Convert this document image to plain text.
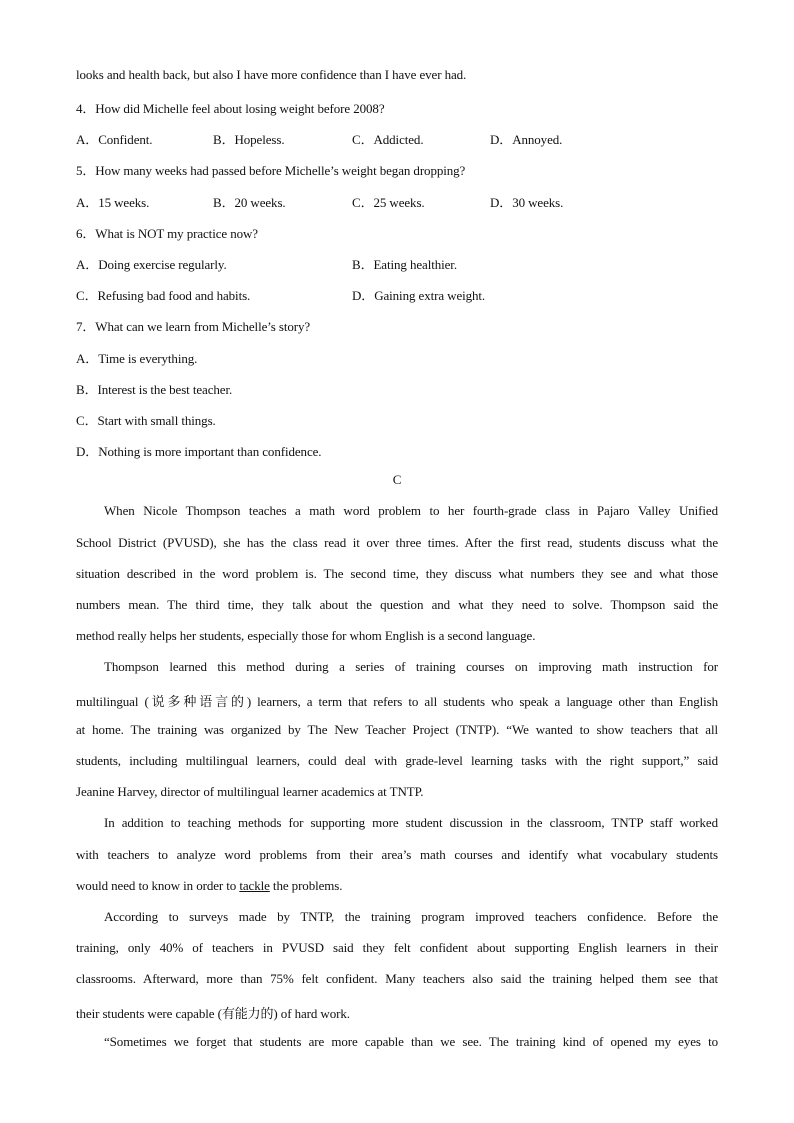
looks and health back, but also I have more confidence than I have ever had.
4．How did Michelle feel about losing weight before 2008?
A．Confident.	B．Hopeless.	C．Addicted.	D．Annoyed.
5．How many weeks had passed before Michelle’s weight began dropping?
A．15 weeks.	B．20 weeks.	C．25 weeks.	D．30 weeks.
6．What is NOT my practice now?
A．Doing exercise regularly.	B．Eating healthier.
C．Refusing bad food and habits.	D．Gaining extra weight.
7．What can we learn from Michelle’s story?
A．Time is everything.
B．Interest is the best teacher.
C．Start with small things.
D．Nothing is more important than confidence.
C
When Nicole Thompson teaches a math word problem to her fourth-grade class in Pajaro Valley Unified
School District (PVUSD), she has the class read it over three times. After the first read, students discuss what the
situation described in the word problem is. The second time, they discuss what numbers they see and what those
numbers mean. The third time, they talk about the question and what they need to solve. Thompson said the
method really helps her students, especially those for whom English is a second language.
Thompson learned this method during a series of training courses on improving math instruction for
multilingual (说多种语言的) learners, a term that refers to all students who speak a language other than English
at home. The training was organized by The New Teacher Project (TNTP). “We wanted to show teachers that all
students, including multilingual learners, could deal with grade-level learning tasks with the right support,” said
Jeanine Harvey, director of multilingual learner academics at TNTP.
In addition to teaching methods for supporting more student discussion in the classroom, TNTP staff worked
with teachers to analyze word problems from their area’s math courses and identify what vocabulary students
would need to know in order to tackle the problems.
According to surveys made by TNTP, the training program improved teachers confidence. Before the
training, only 40% of teachers in PVUSD said they felt confident about supporting English learners in their
classrooms. Afterward, more than 75% felt confident. Many teachers also said the training helped them see that
their students were capable (有能力的) of hard work.
“Sometimes we forget that students are more capable than we see. The training kind of opened my eyes to
